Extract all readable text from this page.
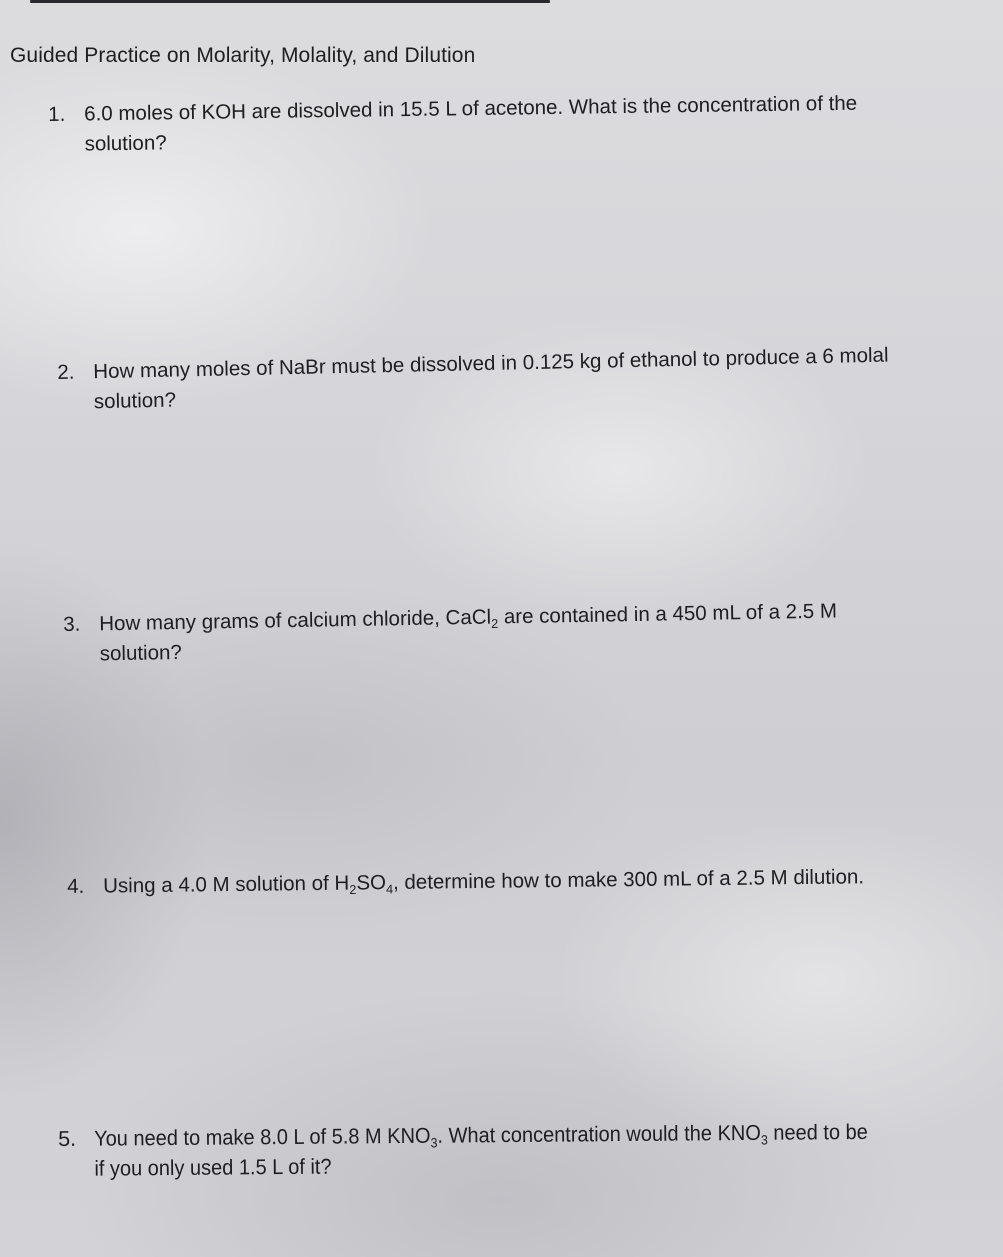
Guided Practice on Molarity, Molality, and Dilution
1. 6.0 moles of KOH are dissolved in 15.5 L of acetone. What is the concentration of the
solution?
2. How many moles of NaBr must be dissolved in 0.125 kg of ethanol to produce a 6 molal
solution?
3. How many grams of calcium chloride, CaCl$_2$ are contained in a 450 mL of a 2.5 M
solution?
4. Using a 4.0 M solution of $H_2SO_4$, determine how to make 300 mL of a 2.5 M dilution.
5. You need to make 8.0 L of 5.8 M $KNO_3$. What concentration would the $KNO_3$ need to be
if you only used 1.5 L of it?
